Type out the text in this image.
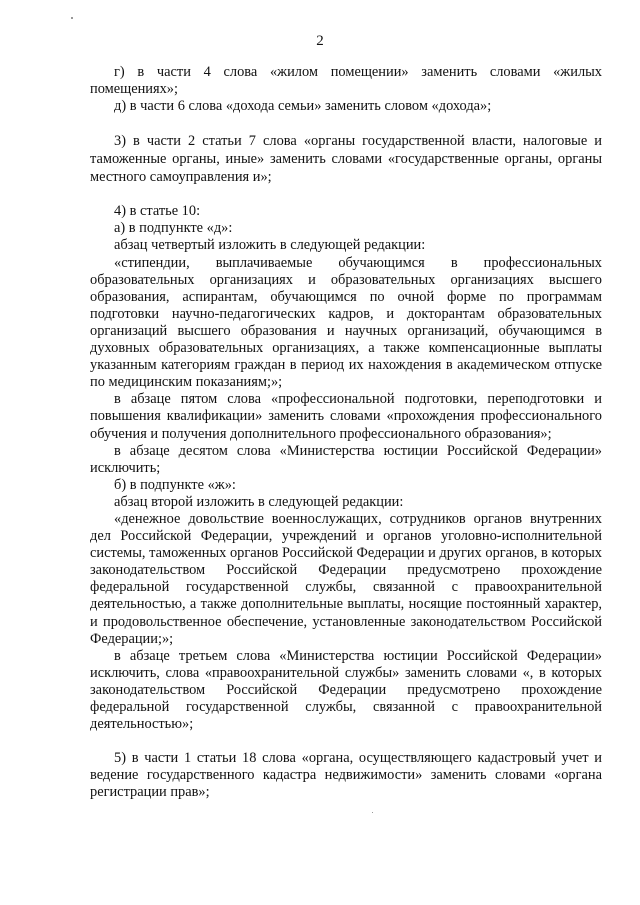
2

г) в части 4 слова «жилом помещении» заменить словами «жилых помещениях»;

д) в части 6 слова «дохода семьи» заменить словом «дохода»;

3) в части 2 статьи 7 слова «органы государственной власти, налоговые и таможенные органы, иные» заменить словами «государственные органы, органы местного самоуправления и»;

4) в статье 10:

а) в подпункте «д»:

абзац четвертый изложить в следующей редакции:

«стипендии, выплачиваемые обучающимся в профессиональных образовательных организациях и образовательных организациях высшего образования, аспирантам, обучающимся по очной форме по программам подготовки научно-педагогических кадров, и докторантам образовательных организаций высшего образования и научных организаций, обучающимся в духовных образовательных организациях, а также компенсационные выплаты указанным категориям граждан в период их нахождения в академическом отпуске по медицинским показаниям;»;

в абзаце пятом слова «профессиональной подготовки, переподготовки и повышения квалификации» заменить словами «прохождения профессионального обучения и получения дополнительного профессионального образования»;

в абзаце десятом слова «Министерства юстиции Российской Федерации» исключить;

б) в подпункте «ж»:

абзац второй изложить в следующей редакции:

«денежное довольствие военнослужащих, сотрудников органов внутренних дел Российской Федерации, учреждений и органов уголовно-исполнительной системы, таможенных органов Российской Федерации и других органов, в которых законодательством Российской Федерации предусмотрено прохождение федеральной государственной службы, связанной с правоохранительной деятельностью, а также дополнительные выплаты, носящие постоянный характер, и продовольственное обеспечение, установленные законодательством Российской Федерации;»;

в абзаце третьем слова «Министерства юстиции Российской Федерации» исключить, слова «правоохранительной службы» заменить словами «, в которых законодательством Российской Федерации предусмотрено прохождение федеральной государственной службы, связанной с правоохранительной деятельностью»;

5) в части 1 статьи 18 слова «органа, осуществляющего кадастровый учет и ведение государственного кадастра недвижимости» заменить словами «органа регистрации прав»;
